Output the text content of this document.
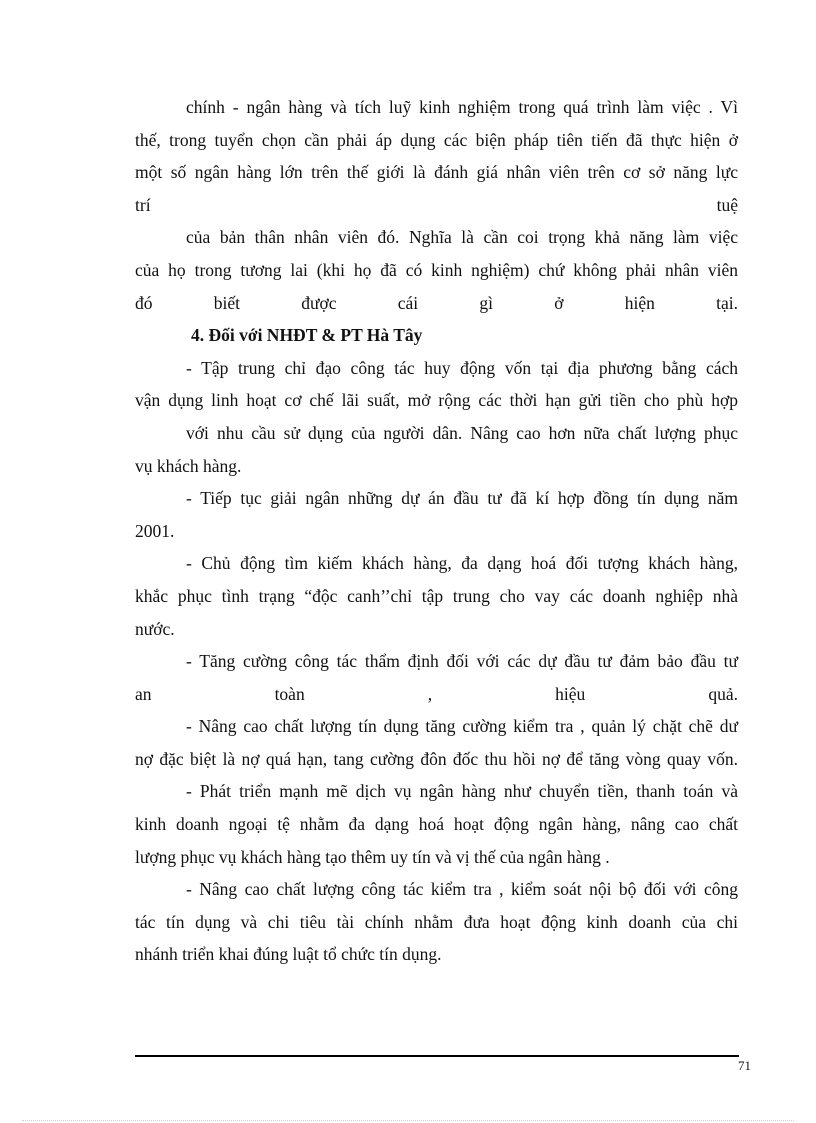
chính - ngân hàng và tích luỹ kinh nghiệm trong quá trình làm việc . Vì
thế, trong tuyển chọn cần phải áp dụng các biện pháp tiên tiến đã thực hiện ở
một số ngân hàng lớn trên thế giới là đánh giá nhân viên trên cơ sở năng lực
trí tuệ
của bản thân nhân viên đó. Nghĩa là cần coi trọng khả năng làm việc
của họ trong tương lai (khi họ đã có kinh nghiệm) chứ không phải nhân viên
đó biết được cái gì ở hiện tại.
4. Đối với NHĐT & PT Hà Tây
- Tập trung chỉ đạo công tác huy động vốn tại địa phương bằng cách
vận dụng linh hoạt cơ chế lãi suất, mở rộng các thời hạn gửi tiền cho phù hợp
với nhu cầu sử dụng của người dân. Nâng cao hơn nữa chất lượng phục
vụ khách hàng.
- Tiếp tục giải ngân những dự án đầu tư đã kí hợp đồng tín dụng năm
2001.
- Chủ động tìm kiếm khách hàng, đa dạng hoá đối tượng khách hàng,
khắc phục tình trạng “độc canh’’chỉ tập trung cho vay các doanh nghiệp nhà
nước.
- Tăng cường công tác thẩm định đối với các dự đầu tư đảm bảo đầu tư
an toàn , hiệu quả.
- Nâng cao chất lượng tín dụng tăng cường kiểm tra , quản lý chặt chẽ dư
nợ đặc biệt là nợ quá hạn, tang cường đôn đốc thu hồi nợ để tăng vòng quay vốn.
- Phát triển mạnh mẽ dịch vụ ngân hàng như chuyển tiền, thanh toán và
kinh doanh ngoại tệ nhằm đa dạng hoá hoạt động ngân hàng, nâng cao chất
lượng phục vụ khách hàng tạo thêm uy tín và vị thế của ngân hàng .
- Nâng cao chất lượng công tác kiểm tra , kiểm soát nội bộ đối với công
tác tín dụng và chi tiêu tài chính nhằm đưa hoạt động kinh doanh của chi
nhánh triển khai đúng luật tổ chức tín dụng.
71
